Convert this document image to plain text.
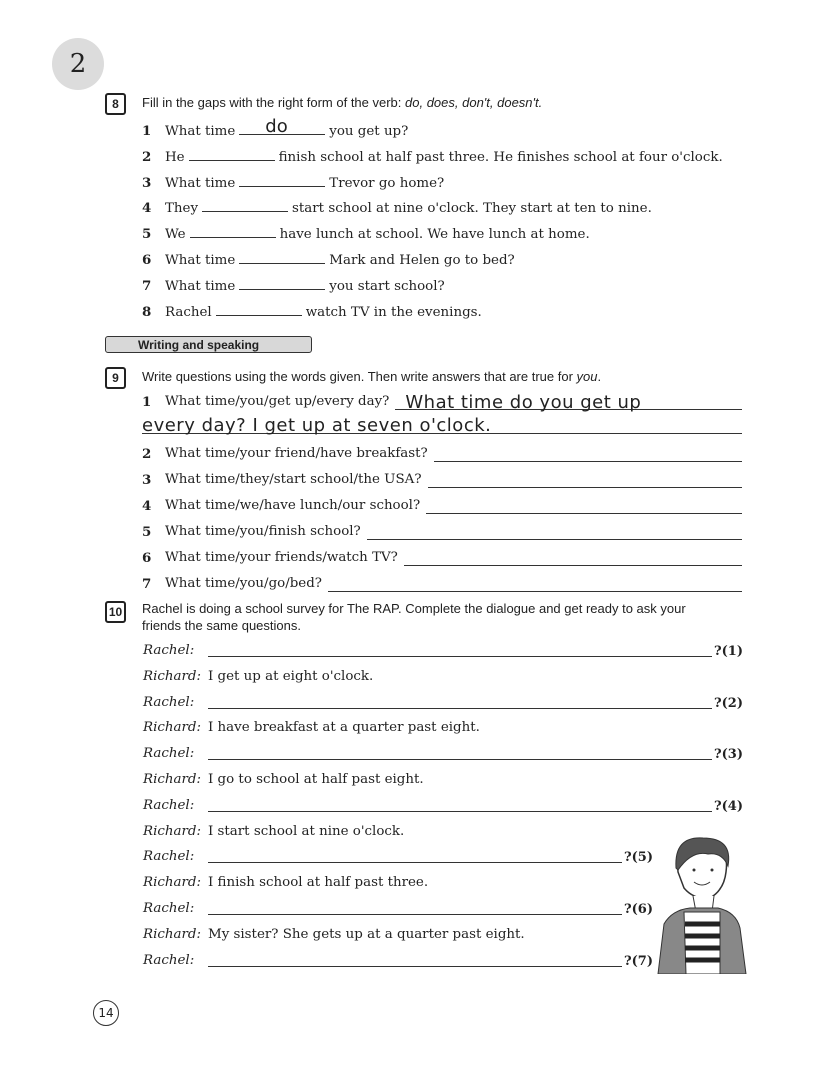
2
8	Fill in the gaps with the right form of the verb: do, does, don't, doesn't.
1 What time do	you get up?
2 He	finish school at half past three. He finishes school at four o'clock.
3 What time	Trevor go home?
4 They	start school at nine o'clock. They start at ten to nine.
5 We	have lunch at school. We have lunch at home.
6 What time	Mark and Helen go to bed?
7 What time	you start school?
8 Rachel	watch TV in the evenings.
Writing and speaking
9	Write questions using the words given. Then write answers that are true for you.
1	What time/you/get up/every day? What time do you get up
every day? I get up at seven o'clock.
2	What time/your friend/have breakfast?
3	What time/they/start school/the USA?
4	What time/we/have lunch/our school?
5	What time/you/finish school?
6	What time/your friends/watch TV?
7	What time/you/go/bed?
10 Rachel is doing a school survey for The RAP. Complete the dialogue and get ready to ask your
friends the same questions.
?(1)
Rachel:
Richard: I get up at eight o'clock.
?(2)
Rachel:
Richard: I have breakfast at a quarter past eight.
?(3)
Rachel:
Richard: I go to school at half past eight.
?(4)
Rachel:
Richard: I start school at nine o'clock.
?(5)
Rachel:
Richard: I finish school at half past three.
?(6)
Rachel:
Richard: My sister? She gets up at a quarter past eight.
?(7)
Rachel:
14
